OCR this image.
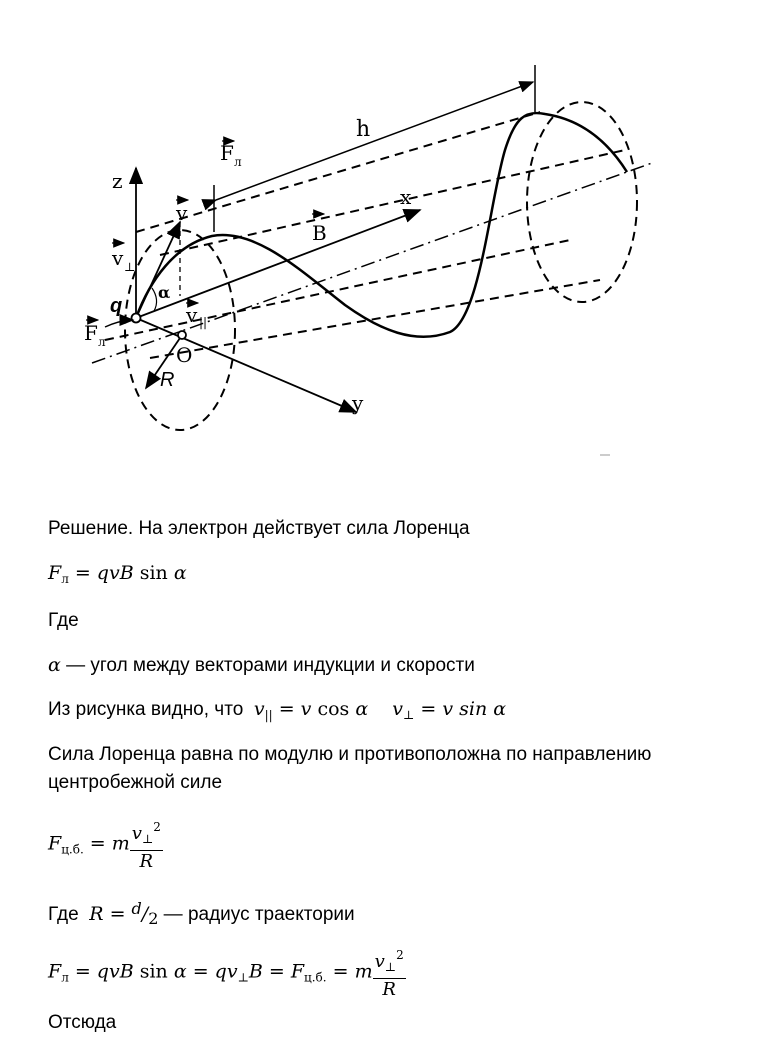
h
F л
z
x
B
y
v
v ⊥
α
v ||
q
F л
O
R
Решение. На электрон действует сила Лоренца
$F_л$ = qvB sin α
Где
α — угол между векторами индукции и скорости
Из рисунка видно, что $v_{||} = v$ cos α    $v_\perp = v$ sin α
Сила Лоренца равна по модулю и противоположна по направлению
центробежной силе
$F_{ц.б.} = m \frac{v_\perp^2}{R}$
Где $R = ^d/_2$ — радиус траектории
$F_л$ = qvB $\sin \alpha = qv_\perp B = F_{ц.б.} = m \frac{v_\perp^2}{R}$
Отсюда
